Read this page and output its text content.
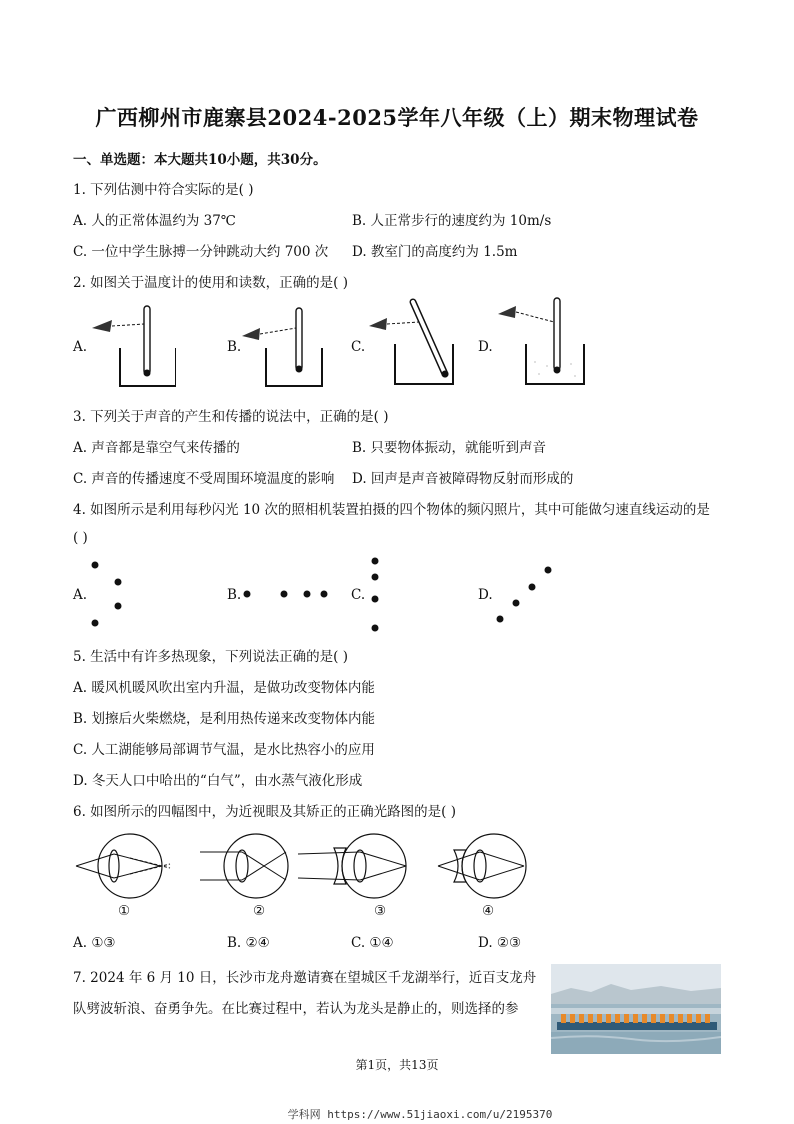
广西柳州市鹿寨县2024-2025学年八年级（上）期末物理试卷
一、单选题：本大题共10小题，共30分。
1. 下列估测中符合实际的是( )
A. 人的正常体温约为 37℃	B. 人正常步行的速度约为 10m/s
C. 一位中学生脉搏一分钟跳动大约 700 次 D. 教室门的高度约为 1.5m
2. 如图关于温度计的使用和读数，正确的是( )
A.	B.	C.	D.
3. 下列关于声音的产生和传播的说法中，正确的是( )
A. 声音都是靠空气来传播的	B. 只要物体振动，就能听到声音
C. 声音的传播速度不受周围环境温度的影响 D. 回声是声音被障碍物反射而形成的
4. 如图所示是利用每秒闪光 10 次的照相机装置拍摄的四个物体的频闪照片，其中可能做匀速直线运动的是
( )
A.	B.	C.	D.
5. 生活中有许多热现象，下列说法正确的是( )
A. 暖风机暖风吹出室内升温，是做功改变物体内能
B. 划擦后火柴燃烧，是利用热传递来改变物体内能
C. 人工湖能够局部调节气温，是水比热容小的应用
D. 冬天人口中哈出的“白气”，由水蒸气液化形成
6. 如图所示的四幅图中，为近视眼及其矫正的正确光路图的是( )
①	②	③	④
A. ①③	B. ②④	C. ①④	D. ②③
7. 2024 年 6 月 10 日，长沙市龙舟邀请赛在望城区千龙湖举行，近百支龙舟
队劈波斩浪、奋勇争先。在比赛过程中，若认为龙头是静止的，则选择的参
第1页，共13页
学科网 https://www.51jiaoxi.com/u/2195370
